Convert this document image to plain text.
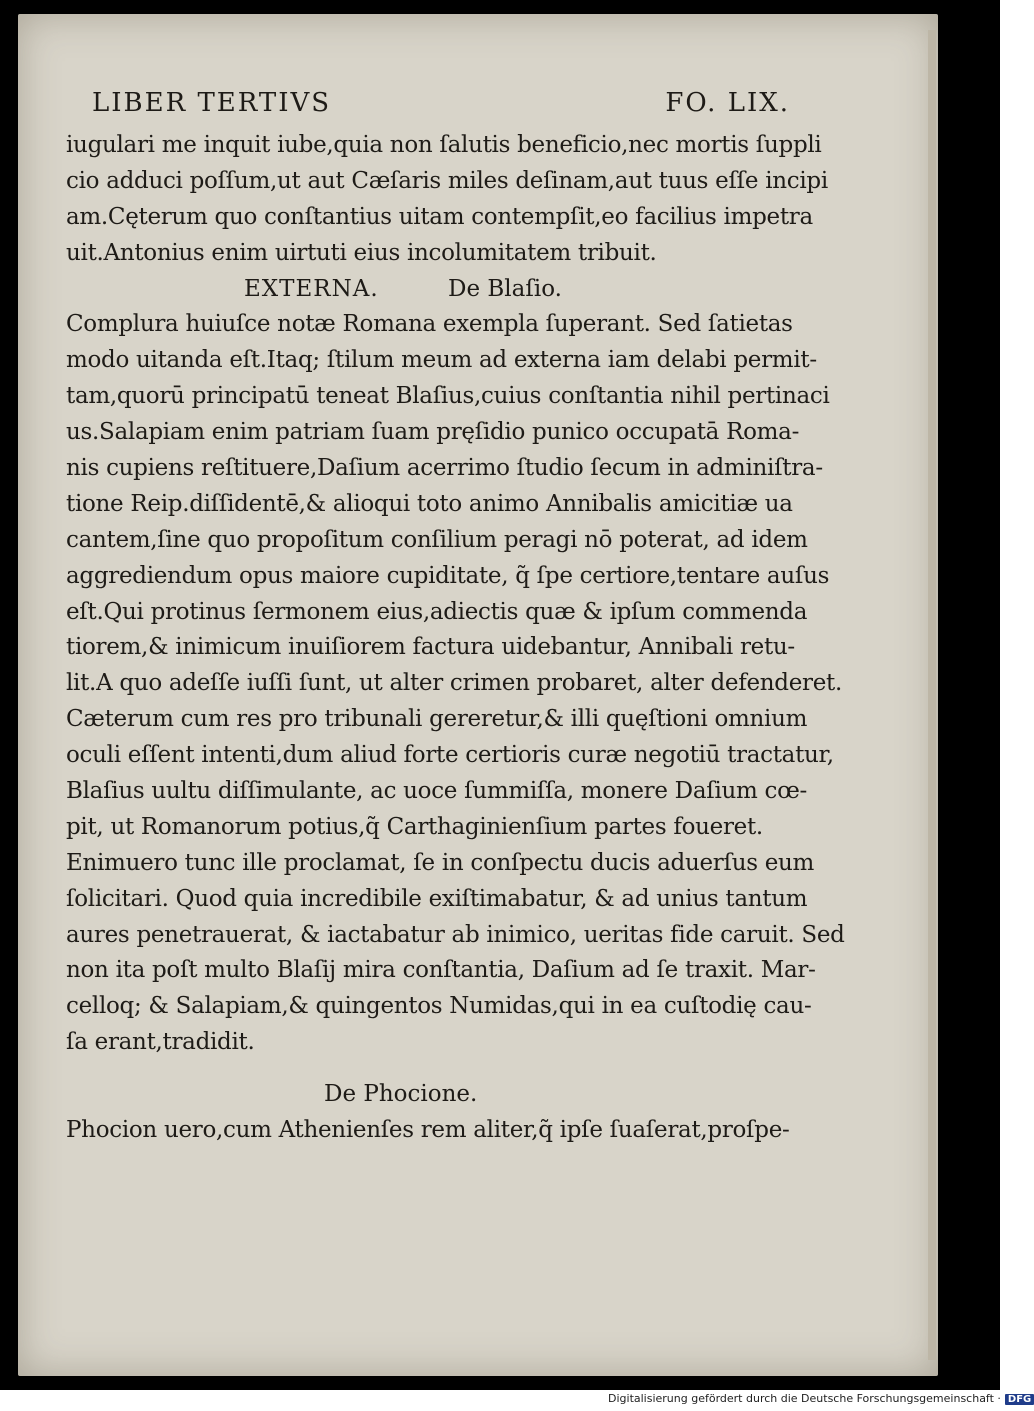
LIBER TERTIVS	FO. LIX.
iugulari me inquit iube,quia non ſalutis beneficio,nec mortis ſuppli
cio adduci poſſum,ut aut Cæſaris miles deſinam,aut tuus eſſe incipi
am.Cęterum quo conſtantius uitam contempſit,eo facilius impetra
uit.Antonius enim uirtuti eius incolumitatem tribuit.
EXTERNA.	De Blaſio.
Complura huiuſce notæ Romana exempla ſuperant. Sed ſatietas
modo uitanda eſt.Itaq; ſtilum meum ad externa iam delabi permit-
tam,quorū principatū teneat Blaſius,cuius conſtantia nihil pertinaci
us.Salapiam enim patriam ſuam pręſidio punico occupatā Roma-
nis cupiens reſtituere,Daſium acerrimo ſtudio ſecum in adminiſtra-
tione Reip.diſſidentē,& alioqui toto animo Annibalis amicitiæ ua
cantem,ſine quo propoſitum conſilium peragi nō poterat, ad idem
aggrediendum opus maiore cupiditate, q̃ ſpe certiore,tentare auſus
eſt.Qui protinus ſermonem eius,adiectis quæ & ipſum commenda
tiorem,& inimicum inuiſiorem factura uidebantur, Annibali retu-
lit.A quo adeſſe iuſſi ſunt, ut alter crimen probaret, alter defenderet.
Cæterum cum res pro tribunali gereretur,& illi quęſtioni omnium
oculi eſſent intenti,dum aliud forte certioris curæ negotiū tractatur,
Blaſius uultu diſſimulante, ac uoce ſummiſſa, monere Daſium cœ-
pit, ut Romanorum potius,q̃ Carthaginienſium partes foueret.
Enimuero tunc ille proclamat, ſe in conſpectu ducis aduerſus eum
ſolicitari. Quod quia incredibile exiſtimabatur, & ad unius tantum
aures penetrauerat, & iactabatur ab inimico, ueritas fide caruit. Sed
non ita poſt multo Blaſij mira conſtantia, Daſium ad ſe traxit. Mar-
celloq; & Salapiam,& quingentos Numidas,qui in ea cuſtodię cau-
ſa erant,tradidit.
De Phocione.
Phocion uero,cum Athenienſes rem aliter,q̃ ipſe ſuaſerat,proſpe-
Digitalisierung gefördert durch die Deutsche Forschungsgemeinschaft · DFG
